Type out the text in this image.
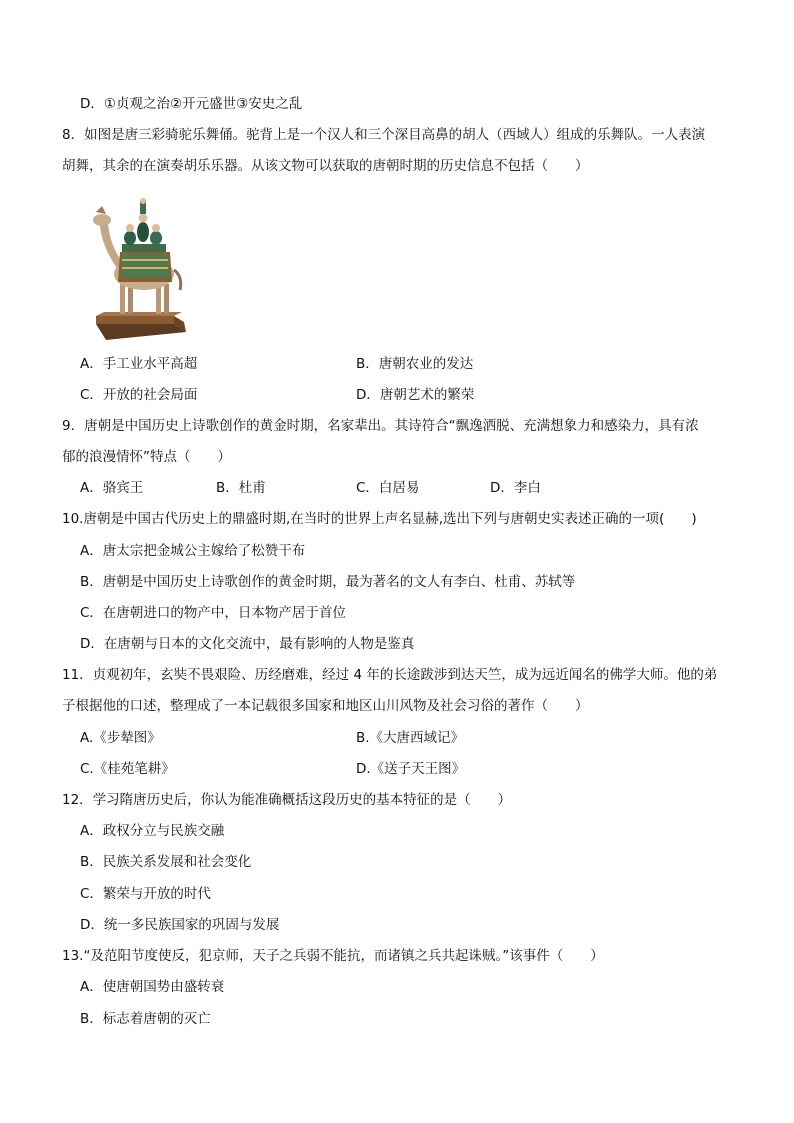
D．①贞观之治②开元盛世③安史之乱
8．如图是唐三彩骑驼乐舞俑。驼背上是一个汉人和三个深目高鼻的胡人（西域人）组成的乐舞队。一人表演
胡舞，其余的在演奏胡乐乐器。从该文物可以获取的唐朝时期的历史信息不包括（　　）
A．手工业水平高超	B．唐朝农业的发达
C．开放的社会局面	D．唐朝艺术的繁荣
9．唐朝是中国历史上诗歌创作的黄金时期，名家辈出。其诗符合“飘逸洒脱、充满想象力和感染力，具有浓
郁的浪漫情怀”特点（　　）
A．骆宾王	B．杜甫	C．白居易	D．李白
10.唐朝是中国古代历史上的鼎盛时期,在当时的世界上声名显赫,选出下列与唐朝史实表述正确的一项(　　)
A．唐太宗把金城公主嫁给了松赞干布
B．唐朝是中国历史上诗歌创作的黄金时期，最为著名的文人有李白、杜甫、苏轼等
C．在唐朝进口的物产中，日本物产居于首位
D．在唐朝与日本的文化交流中，最有影响的人物是鉴真
11．贞观初年，玄奘不畏艰险、历经磨难，经过 4 年的长途跋涉到达天竺，成为远近闻名的佛学大师。他的弟
子根据他的口述，整理成了一本记载很多国家和地区山川风物及社会习俗的著作（　　）
A.《步辇图》	B.《大唐西域记》
C.《桂苑笔耕》	D.《送子天王图》
12．学习隋唐历史后，你认为能准确概括这段历史的基本特征的是（　　）
A．政权分立与民族交融
B．民族关系发展和社会变化
C．繁荣与开放的时代
D．统一多民族国家的巩固与发展
13.“及范阳节度使反，犯京师，天子之兵弱不能抗，而诸镇之兵共起诛贼。”该事件（　　）
A．使唐朝国势由盛转衰
B．标志着唐朝的灭亡
